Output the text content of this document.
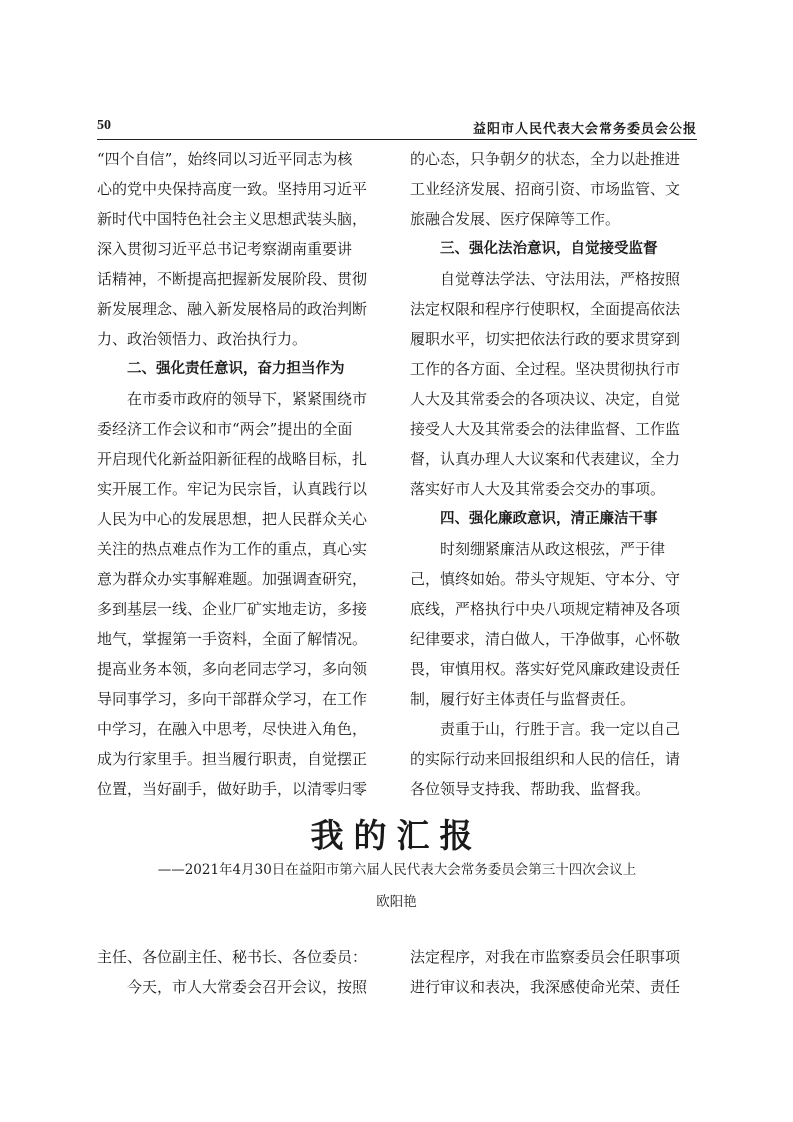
50	益阳市人民代表大会常务委员会公报
“四个自信”，始终同以习近平同志为核
心的党中央保持高度一致。坚持用习近平
新时代中国特色社会主义思想武装头脑，
深入贯彻习近平总书记考察湖南重要讲
话精神，不断提高把握新发展阶段、贯彻
新发展理念、融入新发展格局的政治判断
力、政治领悟力、政治执行力。
二、强化责任意识，奋力担当作为
在市委市政府的领导下，紧紧围绕市
委经济工作会议和市“两会”提出的全面
开启现代化新益阳新征程的战略目标，扎
实开展工作。牢记为民宗旨，认真践行以
人民为中心的发展思想，把人民群众关心
关注的热点难点作为工作的重点，真心实
意为群众办实事解难题。加强调查研究，
多到基层一线、企业厂矿实地走访，多接
地气，掌握第一手资料，全面了解情况。
提高业务本领，多向老同志学习，多向领
导同事学习，多向干部群众学习，在工作
中学习，在融入中思考，尽快进入角色，
成为行家里手。担当履行职责，自觉摆正
位置，当好副手，做好助手，以清零归零
的心态，只争朝夕的状态，全力以赴推进
工业经济发展、招商引资、市场监管、文
旅融合发展、医疗保障等工作。
三、强化法治意识，自觉接受监督
自觉尊法学法、守法用法，严格按照
法定权限和程序行使职权，全面提高依法
履职水平，切实把依法行政的要求贯穿到
工作的各方面、全过程。坚决贯彻执行市
人大及其常委会的各项决议、决定，自觉
接受人大及其常委会的法律监督、工作监
督，认真办理人大议案和代表建议，全力
落实好市人大及其常委会交办的事项。
四、强化廉政意识，清正廉洁干事
时刻绷紧廉洁从政这根弦，严于律
己，慎终如始。带头守规矩、守本分、守
底线，严格执行中央八项规定精神及各项
纪律要求，清白做人，干净做事，心怀敬
畏，审慎用权。落实好党风廉政建设责任
制，履行好主体责任与监督责任。
责重于山，行胜于言。我一定以自己
的实际行动来回报组织和人民的信任，请
各位领导支持我、帮助我、监督我。
我的汇报
——2021年4月30日在益阳市第六届人民代表大会常务委员会第三十四次会议上
欧阳艳
主任、各位副主任、秘书长、各位委员：
今天，市人大常委会召开会议，按照
法定程序，对我在市监察委员会任职事项
进行审议和表决，我深感使命光荣、责任
